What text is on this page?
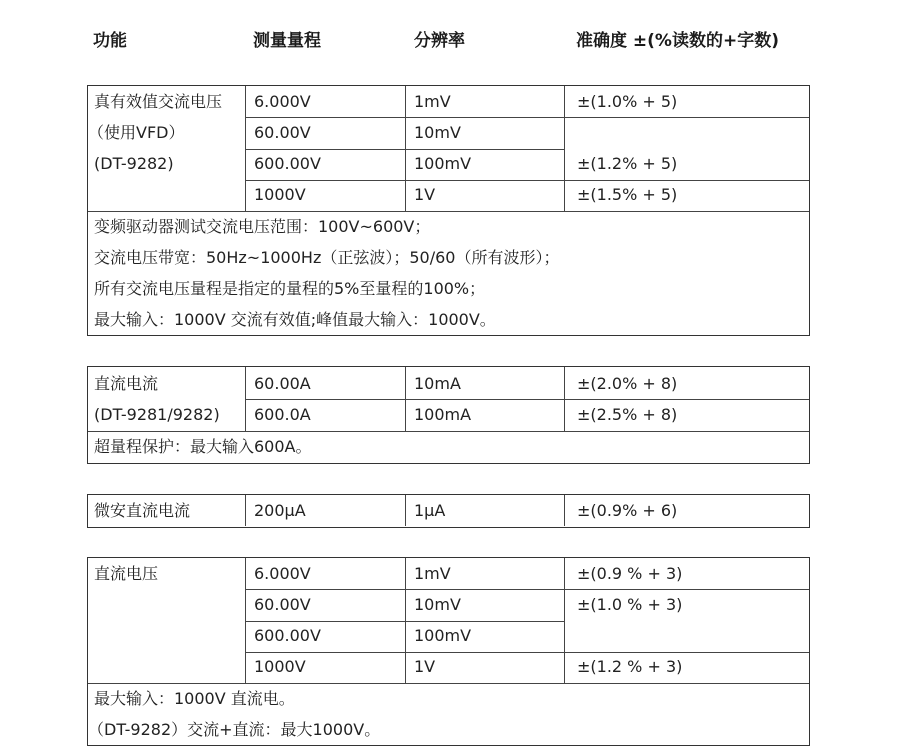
功能	测量量程	分辨率	准确度 ±(%读数的+字数)
真有效值交流电压
（使用VFD）
(DT-9282)
6.000V	1mV	±(1.0% + 5)
60.00V	10mV
600.00V	100mV	±(1.2% + 5)
1000V	1V	±(1.5% + 5)
变频驱动器测试交流电压范围：100V~600V；
交流电压带宽：50Hz~1000Hz（正弦波）；50/60（所有波形）；
所有交流电压量程是指定的量程的5%至量程的100%；
最大输入：1000V 交流有效值;峰值最大输入：1000V。
直流电流
(DT-9281/9282)
60.00A	10mA	±(2.0% + 8)
600.0A	100mA	±(2.5% + 8)
超量程保护：最大输入600A。
微安直流电流	200µA	1µA	±(0.9% + 6)
直流电压	6.000V	1mV	±(0.9 % + 3)
60.00V	10mV	±(1.0 % + 3)
600.00V	100mV
1000V	1V	±(1.2 % + 3)
最大输入：1000V 直流电。
（DT-9282）交流+直流：最大1000V。
